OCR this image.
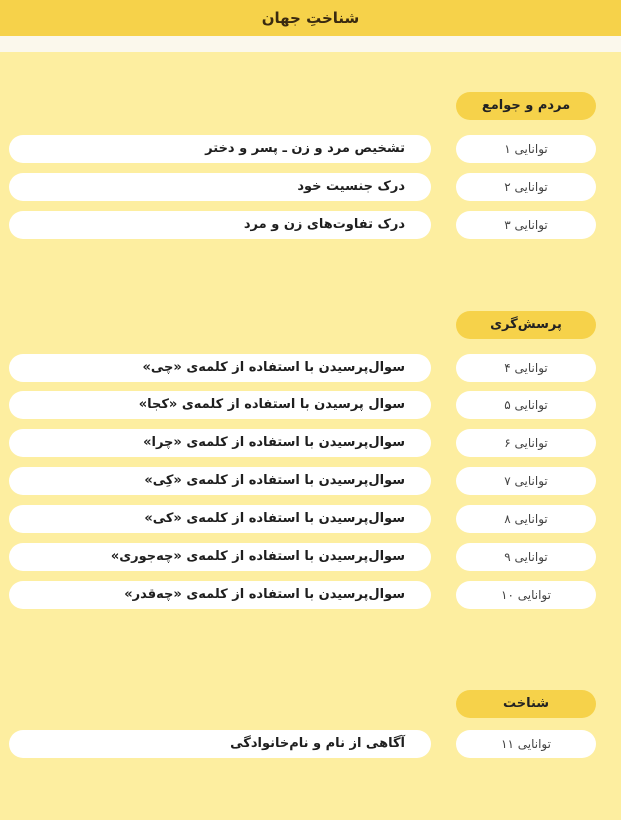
شناختِ جهان
مردم و جوامع
توانایی ۱
تشخیص مرد و زن ـ پسر و دختر
توانایی ۲
درک جنسیت خود
توانایی ۳
درک تفاوت‌های زن و مرد
پرسش‌گری
توانایی ۴
سوال‌پرسیدن با استفاده از کلمه‌ی «چی»
توانایی ۵
سوال پرسیدن با استفاده از کلمه‌ی «کجا»
توانایی ۶
سوال‌پرسیدن با استفاده از کلمه‌ی «چرا»
توانایی ۷
سوال‌پرسیدن با استفاده از کلمه‌ی «کِی»
توانایی ۸
سوال‌پرسیدن با استفاده از کلمه‌ی «کی»
توانایی ۹
سوال‌پرسیدن با استفاده از کلمه‌ی «چه‌جوری»
توانایی ۱۰
سوال‌پرسیدن با استفاده از کلمه‌ی «چه‌قدر»
شناخت
توانایی ۱۱
آگاهی از نام و نام‌خانوادگی
